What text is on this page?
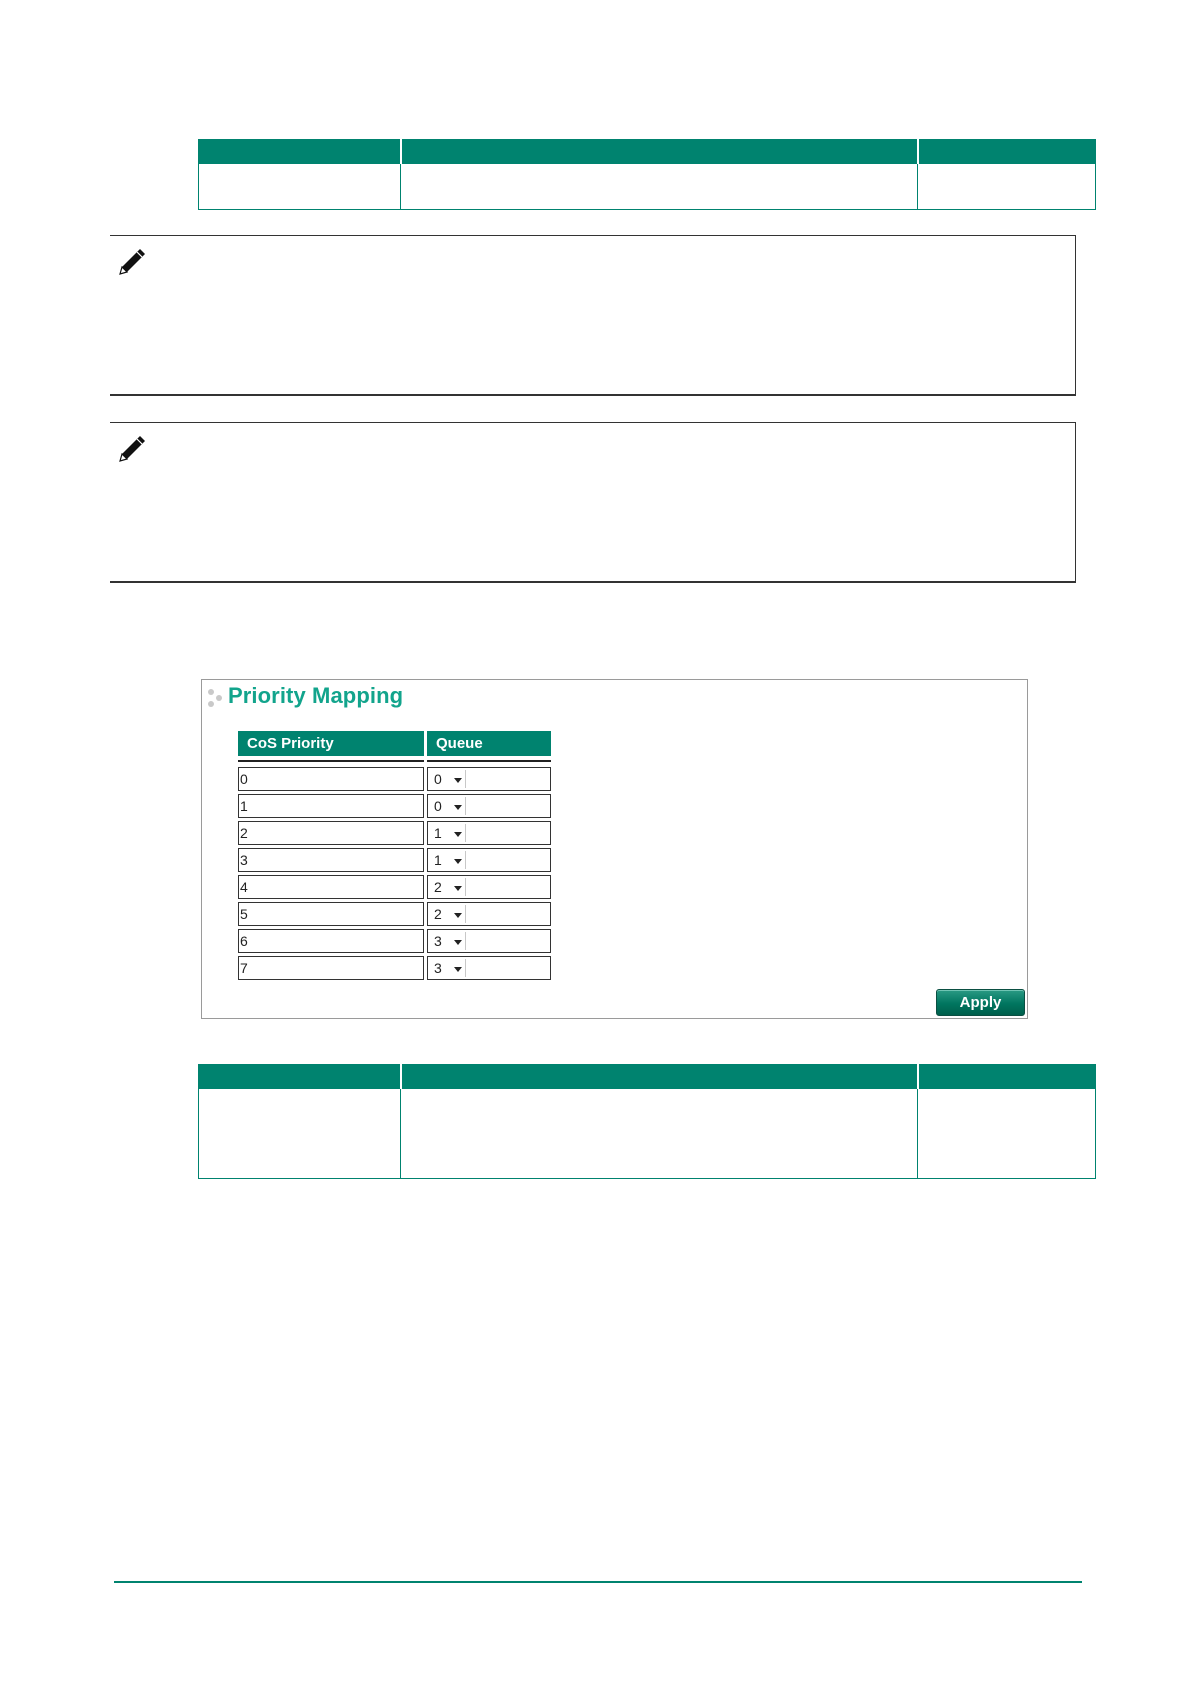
Priority Mapping
CoS Priority	Queue
0	0
1	0
2	1
3	1
4	2
5	2
6	3
7	3
Apply
